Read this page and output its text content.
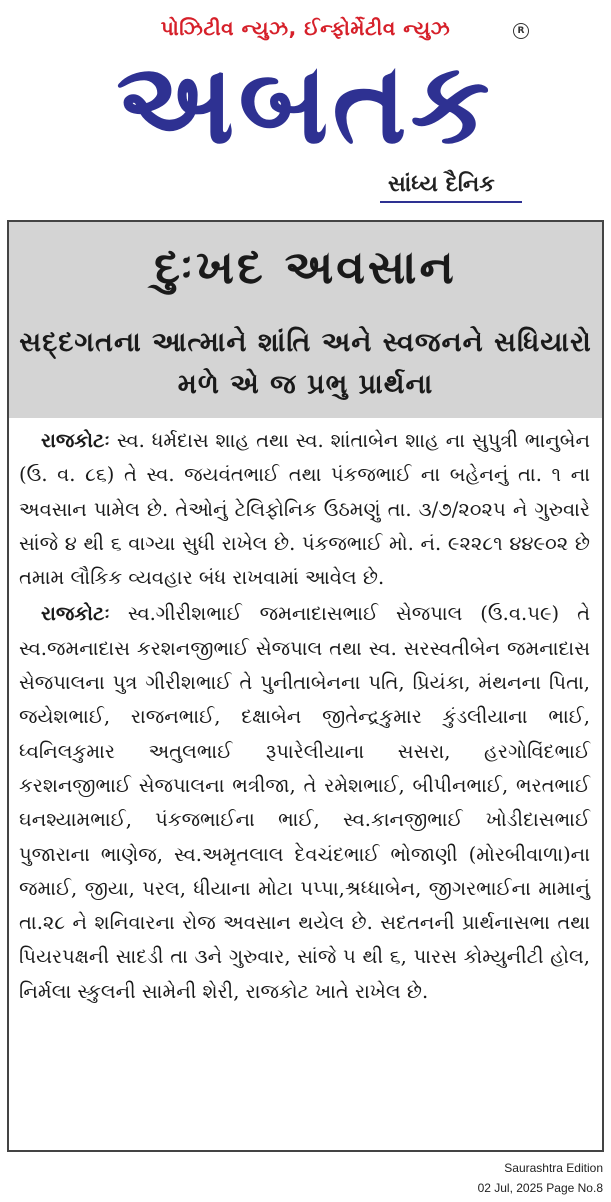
પોઝિટીવ ન્યુઝ, ઈન્ફોર્મેટીવ ન્યુઝ	R
અબતક
સાંધ્ય દૈનિક
દુઃખદ અવસાન
સદ્દગતના આત્માને શાંતિ અને સ્વજનને સધિયારો મળે એ જ પ્રભુ પ્રાર્થના

રાજકોટઃ સ્વ. ધર્મદાસ શાહ તથા સ્વ. શાંતાબેન શાહ ના સુપુત્રી ભાનુબેન (ઉ. વ. ૮૬) તે સ્વ. જયવંતભાઈ તથા પંકજભાઈ ના બહેનનું તા. ૧ ના અવસાન પામેલ છે. તેઓનું ટેલિફોનિક ઉઠમણું તા. ૩/૭/૨૦૨૫ ને ગુરુવારે સાંજે ૪ થી ૬ વાગ્યા સુધી રાખેલ છે. પંકજભાઈ મો. નં. ૯૨૨૮૧ ૪૪૯૦૨ છે તમામ લૌકિક વ્યવહાર બંધ રાખવામાં આવેલ છે.

રાજકોટઃ સ્વ.ગીરીશભાઈ જમનાદાસભાઈ સેજપાલ (ઉ.વ.૫૯) તે સ્વ.જમનાદાસ કરશનજીભાઈ સેજપાલ તથા સ્વ. સરસ્વતીબેન જમનાદાસ સેજપાલના પુત્ર ગીરીશભાઈ તે પુનીતાબેનના પતિ, પ્રિયંકા, મંથનના પિતા, જયેશભાઈ, રાજનભાઈ, દક્ષાબેન જીતેન્દ્રકુમાર કુંડલીયાના ભાઈ, ધ્વનિલકુમાર અતુલભાઈ રૂપારેલીયાના સસરા, હરગોવિંદભાઈ કરશનજીભાઈ સેજપાલના ભત્રીજા, તે રમેશભાઈ, બીપીનભાઈ, ભરતભાઈ ઘનશ્યામભાઈ, પંકજભાઈના ભાઈ, સ્વ.કાનજીભાઈ ખોડીદાસભાઈ પુજારાના ભાણેજ, સ્વ.અમૃતલાલ દેવચંદભાઈ ભોજાણી (મોરબીવાળા)ના જમાઈ, જીયા, પરલ, ધીયાના મોટા પપ્પા,શ્રધ્ધાબેન, જીગરભાઈના મામાનું તા.૨૮ ને શનિવારના રોજ અવસાન થયેલ છે. સદતનની પ્રાર્થનાસભા તથા પિયરપક્ષની સાદડી તા ૩ને ગુરુવાર, સાંજે ૫ થી ૬, પારસ કોમ્યુનીટી હોલ, નિર્મલા સ્કુલની સામેની શેરી, રાજકોટ ખાતે રાખેલ છે.

Saurashtra Edition
02 Jul, 2025 Page No.8
